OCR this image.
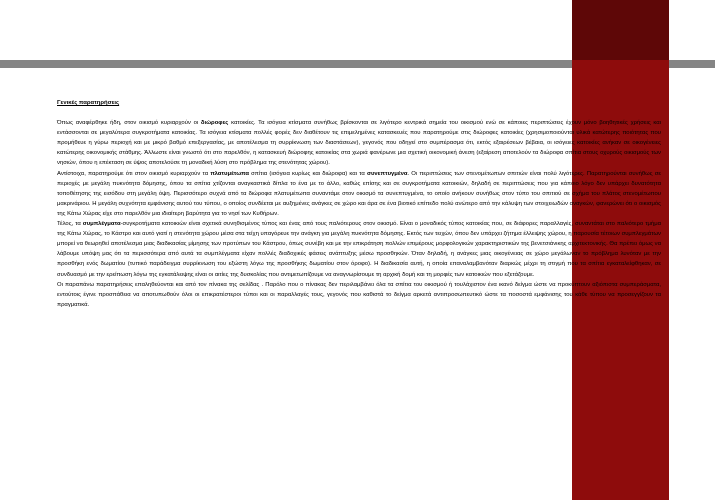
Γενικές παρατηρήσεις

Όπως αναφέρθηκε ήδη, στον οικισμό κυριαρχούν οι διώροφες κατοικίες. Τα ισόγεια κτίσματα συνήθως βρίσκονται σε λιγότερο κεντρικά σημεία του οικισμού ενώ σε κάποιες περιπτώσεις έχουν μόνο βοηθητικές χρήσεις και εντάσσονται σε μεγαλύτερα συγκροτήματα κατοικίας. Τα ισόγεια κτίσματα πολλές φορές δεν διαθέτουν τις επιμελημένες κατασκευές που παρατηρούμε στις διώροφες κατοικίες (χρησιμοποιούνται υλικά κατώτερης ποιότητας που προμήθευε η γύρω περιοχή και με μικρό βαθμό επεξεργασίας, με αποτέλεσμα τη συρρίκνωση των διαστάσεων), γεγονός που οδηγεί στο συμπέρασμα ότι, εκτός εξαιρέσεων βέβαια, οι ισόγειες κατοικίες ανήκαν σε οικογένειες κατώτερης οικονομικής στάθμης. Άλλωστε είναι γνωστό ότι στο παρελθόν, η κατασκευή διώροφης κατοικίας στα χωριά φανέρωνε μια σχετική οικονομική άνεση (εξαίρεση αποτελούν τα διώροφα σπίτια στους οχυρούς οικισμούς των νησιών, όπου η επέκταση σε ύψος αποτελούσε τη μοναδική λύση στο πρόβλημα της στενότητας χώρου).

Αντίστοιχα, παρατηρούμε ότι στον οικισμό κυριαρχούν τα πλατυμέτωπα σπίτια (ισόγεια κυρίως και διώροφα) και τα συνεπτυγμένα. Οι περιπτώσεις των στενομέτωπων σπιτιών είναι πολύ λιγότερες. Παρατηρούνται συνήθως σε περιοχές με μεγάλη πυκνότητα δόμησης, όπου τα σπίτια χτίζονται αναγκαστικά δίπλα το ένα με το άλλο, καθώς επίσης και σε συγκροτήματα κατοικιών, δηλαδή σε περιπτώσεις που για κάποιο λόγο δεν υπάρχει δυνατότητα τοποθέτησης της εισόδου στη μεγάλη όψη. Περισσότερο συχνά από τα διώροφα πλατυμέτωπα συναντάμε στον οικισμό τα συνεπτυγμένα, το οποίο ανήκουν συνήθως στον τύπο του σπιτιού σε σχήμα του πλάτος στενομέτωπου μακρινάριου. Η μεγάλη συχνότητα εμφάνισης αυτού του τύπου, ο οποίος συνδέεται με αυξημένες ανάγκες σε χώρο και άρα σε ένα βιοτικό επίπεδο πολύ ανώτερο από την κάλυψη των στοιχειωδών αναγκών, φανερώνει ότι ο οικισμός της Κάτω Χώρας είχε στο παρελθόν μια ιδιαίτερη βαρύτητα για το νησί των Κυθήρων.

Τέλος, τα συμπλέγματα-συγκροτήματα κατοικιών είναι σχετικά συνηθισμένος τύπος και ένας από τους παλιότερους στον οικισμό. Είναι ο μοναδικός τύπος κατοικίας που, σε διάφορες παραλλαγές, συναντάται στο παλιότερο τμήμα της Κάτω Χώρας, το Κάστρο και αυτό γιατί η στενότητα χώρου μέσα στα τείχη υπαγόρευε την ανάγκη για μεγάλη πυκνότητα δόμησης. Εκτός των τειχών, όπου δεν υπάρχει ζήτημα έλλειψης χώρου, η παρουσία τέτοιων συμπλεγμάτων μπορεί να θεωρηθεί αποτέλεσμα μιας διαδικασίας μίμησης των προτύπων του Κάστρου, όπως συνέβη και με την επικράτηση πολλών επιμέρους μορφολογικών χαρακτηριστικών της βενετσιάνικης αρχιτεκτονικής. Θα πρέπει όμως να λάβουμε υπόψη μας ότι τα περισσότερα από αυτά τα συμπλέγματα είχαν πολλές διαδοχικές φάσεις ανάπτυξης μέσω προσθηκών. Όταν δηλαδή, η ανάγκες μιας οικογένειας σε χώρο μεγάλωναν το πρόβλημα λυνόταν με την προσθήκη ενός δωματίου (τυπικό παράδειγμα συρρίκνωση του εξώστη λόγω της προσθήκης δωματίου στον όροφο). Η διαδικασία αυτή, η οποία επαναλαμβανόταν διαρκώς μέχρι τη στιγμή που τα σπίτια εγκαταλείφθηκαν, σε συνδυασμό με την ερείπωση λόγω της εγκατάλειψης είναι οι αιτίες της δυσκολίας που αντιμετωπίζουμε να αναγνωρίσουμε τη αρχική δομή και τη μορφές των κατοικιών που εξετάζουμε.

Οι παραπάνω παρατηρήσεις επαληθεύονται και από τον πίνακα της σελίδας . Παρόλο που ο πίνακας δεν περιλαμβάνει όλα τα σπίτια του οικισμού ή τουλάχιστον ένα ικανό δείγμα ώστε να προκύπτουν αξιόπιστα συμπεράσματα, εντούτοις έγινε προσπάθεια να αποτυπωθούν όλοι οι επικρατέστεροι τύποι και οι παραλλαγές τους, γεγονός που καθιστά το δείγμα αρκετά αντιπροσωπευτικό ώστε τα ποσοστά εμφάνισης του κάθε τύπου να προσεγγίζουν τα πραγματικά.
